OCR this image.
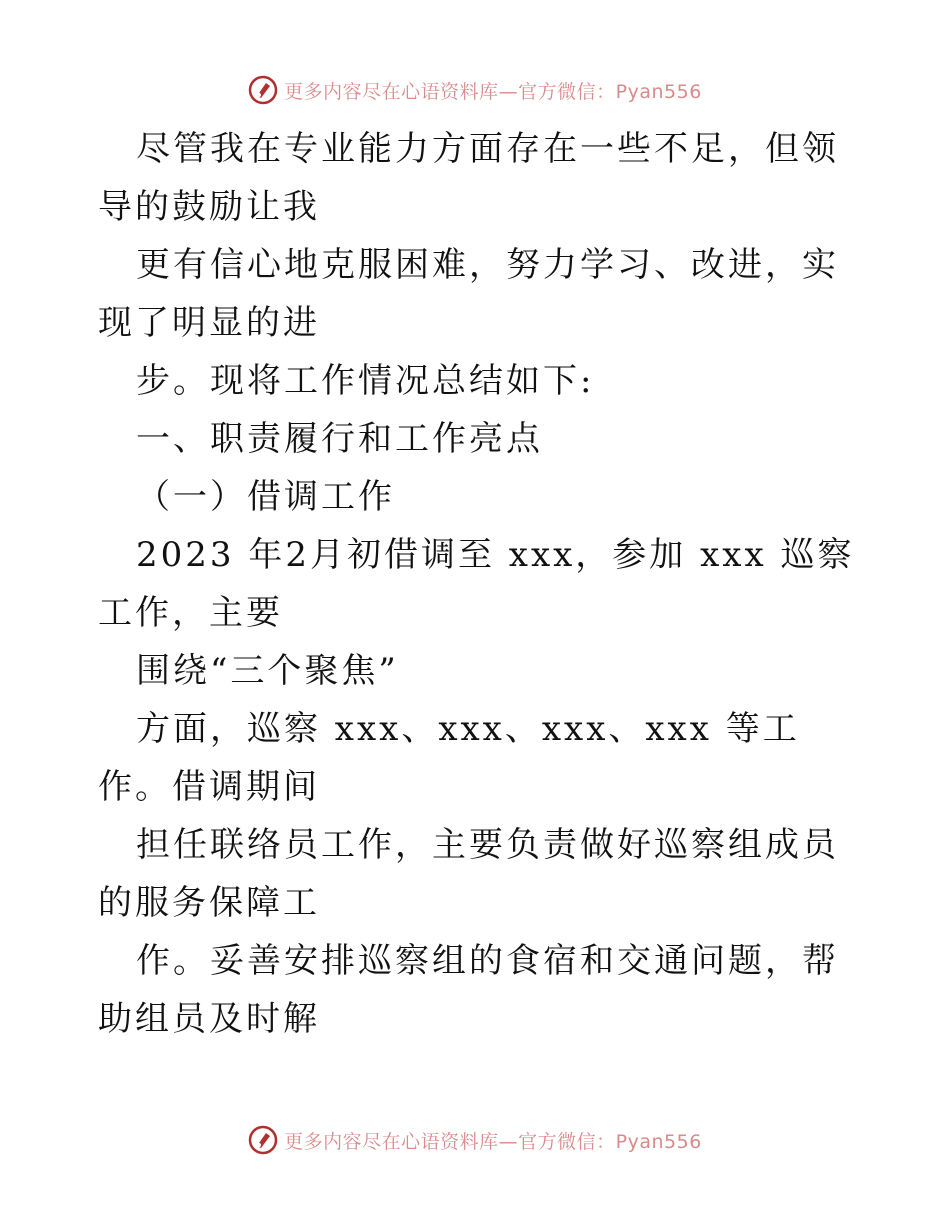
更多内容尽在心语资料库—官方微信：Pyan556

尽管我在专业能力方面存在一些不足，但领导的鼓励让我

更有信心地克服困难，努力学习、改进，实现了明显的进

步。现将工作情况总结如下:

一、职责履行和工作亮点

（一）借调工作

2023 年2月初借调至 xxx，参加 xxx 巡察工作，主要

围绕“三个聚焦”

方面，巡察 xxx、xxx、xxx、xxx 等工作。借调期间

担任联络员工作，主要负责做好巡察组成员的服务保障工

作。妥善安排巡察组的食宿和交通问题，帮助组员及时解

更多内容尽在心语资料库—官方微信：Pyan556
